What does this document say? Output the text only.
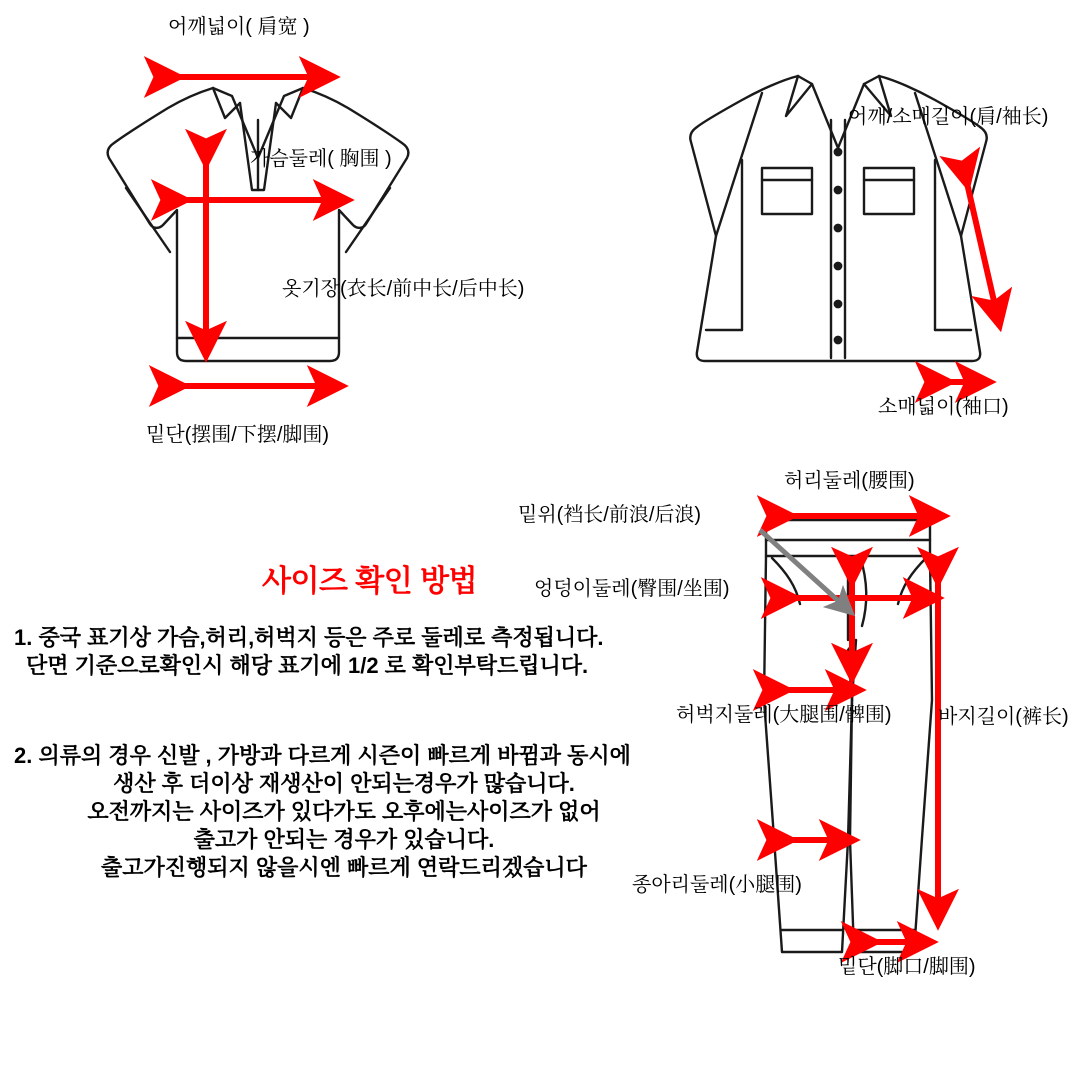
어깨넓이( 肩宽 )
가슴둘레( 胸围 )
옷기장(衣长/前中长/后中长)
밑단(摆围/下摆/脚围)
어깨/소매길이(肩/袖长)
소매넓이(袖口)
허리둘레(腰围)
밑위(裆长/前浪/后浪)
엉덩이둘레(臀围/坐围)
허벅지둘레(大腿围/髀围) 바지길이(裤长)
종아리둘레(小腿围)
밑단(脚口/脚围)
사이즈 확인 방법
1. 중국 표기상 가슴,허리,허벅지 등은 주로 둘레로 측정됩니다.
단면 기준으로확인시 해당 표기에 1/2 로 확인부탁드립니다.
2. 의류의 경우 신발 , 가방과 다르게 시즌이 빠르게 바뀜과 동시에
생산 후 더이상 재생산이 안되는경우가 많습니다.
오전까지는 사이즈가 있다가도 오후에는사이즈가 없어
출고가 안되는 경우가 있습니다.
출고가진행되지 않을시엔 빠르게 연락드리겠습니다
